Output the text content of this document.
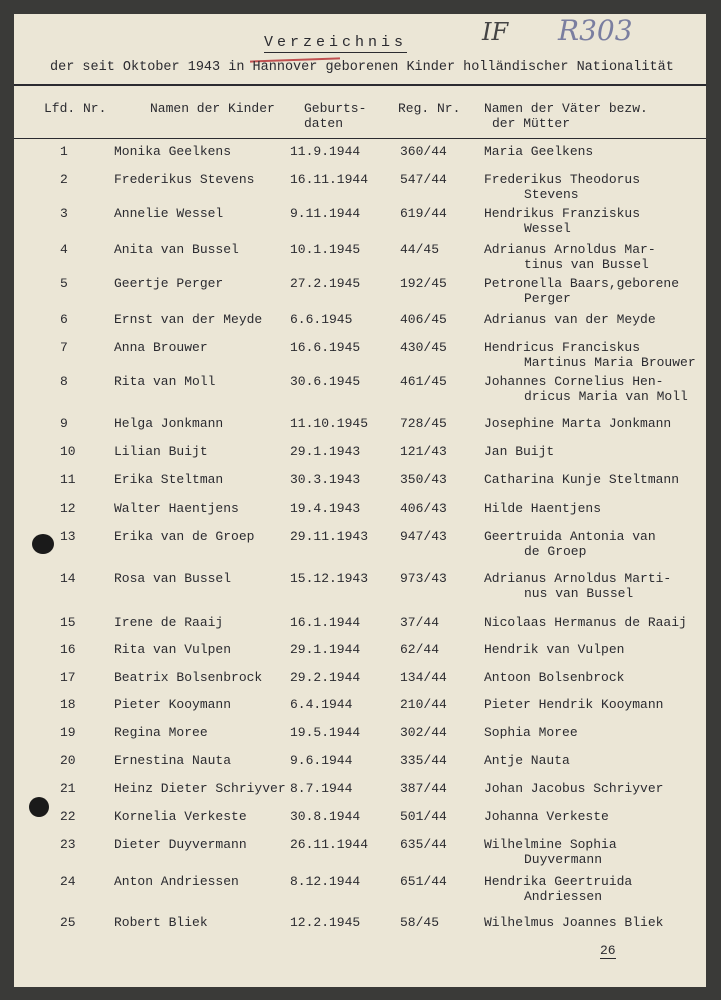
IF R303
Verzeichnis
der seit Oktober 1943 in Hannover geborenen Kinder holländischer Nationalität
Lfd. Nr.	Namen der Kinder Geburts-
daten
Reg. Nr. Namen der Väter bezw.
der Mütter
1	Monika Geelkens	11.9.1944	360/44	Maria Geelkens
2	Frederikus Stevens	16.11.1944 547/44	Frederikus Theodorus
Stevens
3	Annelie Wessel	9.11.1944	619/44	Hendrikus Franziskus
Wessel
4	Anita van Bussel	10.1.1945	44/45	Adrianus Arnoldus Mar-
tinus van Bussel
5	Geertje Perger	27.2.1945	192/45	Petronella Baars,geborene
Perger
6	Ernst van der Meyde 6.6.1945	406/45	Adrianus van der Meyde
7	Anna Brouwer	16.6.1945	430/45	Hendricus Franciskus
Martinus Maria Brouwer
8	Rita van Moll	30.6.1945	461/45	Johannes Cornelius Hen-
dricus Maria van Moll
9	Helga Jonkmann	11.10.1945 728/45	Josephine Marta Jonkmann
10	Lilian Buijt	29.1.1943	121/43	Jan Buijt
11	Erika Steltman	30.3.1943	350/43	Catharina Kunje Steltmann
12	Walter Haentjens	19.4.1943	406/43	Hilde Haentjens
13	Erika van de Groep	29.11.1943 947/43	Geertruida Antonia van
de Groep
14	Rosa van Bussel	15.12.1943 973/43	Adrianus Arnoldus Marti-
nus van Bussel
15	Irene de Raaij	16.1.1944	37/44	Nicolaas Hermanus de Raaij
16	Rita van Vulpen	29.1.1944	62/44	Hendrik van Vulpen
17	Beatrix Bolsenbrock 29.2.1944	134/44	Antoon Bolsenbrock
18	Pieter Kooymann	6.4.1944	210/44	Pieter Hendrik Kooymann
19	Regina Moree	19.5.1944	302/44	Sophia Moree
20	Ernestina Nauta	9.6.1944	335/44	Antje Nauta
21	Heinz Dieter Schriyver 8.7.1944	387/44	Johan Jacobus Schriyver
22	Kornelia Verkeste	30.8.1944	501/44	Johanna Verkeste
23	Dieter Duyvermann	26.11.1944 635/44	Wilhelmine Sophia
Duyvermann
24	Anton Andriessen	8.12.1944	651/44	Hendrika Geertruida
Andriessen
25	Robert Bliek	12.2.1945	58/45	Wilhelmus Joannes Bliek
26
